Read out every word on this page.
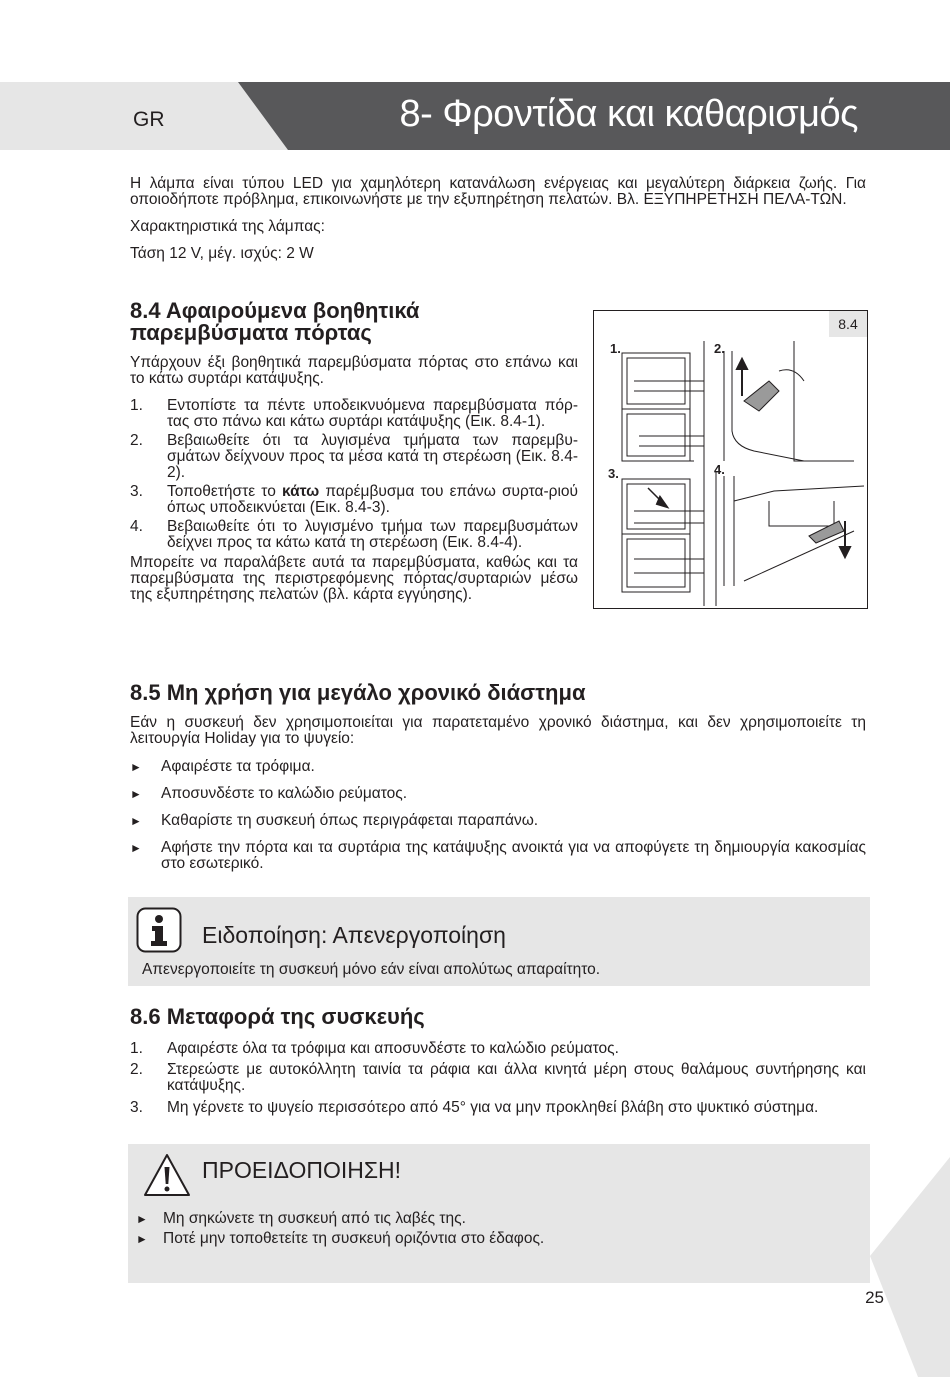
GR	8- Φροντίδα και καθαρισμός

Η λάμπα είναι τύπου LED για χαμηλότερη κατανάλωση ενέργειας και μεγαλύτερη διάρκεια ζωής. Για οποιοδήποτε πρόβλημα, επικοινωνήστε με την εξυπηρέτηση πελατών. Βλ. ΕΞΥΠΗΡΕΤΗΣΗ ΠΕΛΑ-ΤΩΝ.

Χαρακτηριστικά της λάμπας:

Τάση 12 V, μέγ. ισχύς: 2 W

8.4 Αφαιρούμενα βοηθητικά παρεμβύσματα πόρτας

Υπάρχουν έξι βοηθητικά παρεμβύσματα πόρτας στο επάνω και το κάτω συρτάρι κατάψυξης.

1. Εντοπίστε τα πέντε υποδεικνυόμενα παρεμβύσματα πόρ-τας στο πάνω και κάτω συρτάρι κατάψυξης (Εικ. 8.4-1).
2. Βεβαιωθείτε ότι τα λυγισμένα τμήματα των παρεμβυ-σμάτων δείχνουν προς τα μέσα κατά τη στερέωση (Εικ. 8.4-2).
3. Τοποθετήστε το κάτω παρέμβυσμα του επάνω συρτα-ριού όπως υποδεικνύεται (Εικ. 8.4-3).
4. Βεβαιωθείτε ότι το λυγισμένο τμήμα των παρεμβυσμάτων δείχνει προς τα κάτω κατά τη στερέωση (Εικ. 8.4-4).

Μπορείτε να παραλάβετε αυτά τα παρεμβύσματα, καθώς και τα παρεμβύσματα της περιστρεφόμενης πόρτας/συρταριών μέσω της εξυπηρέτησης πελατών (βλ. κάρτα εγγύησης).

8.4
1.	2.
3.	4.
8.5 Μη χρήση για μεγάλο χρονικό διάστημα

Εάν η συσκευή δεν χρησιμοποιείται για παρατεταμένο χρονικό διάστημα, και δεν χρησιμοποιείτε τη λειτουργία Holiday για το ψυγείο:

► Αφαιρέστε τα τρόφιμα.
► Αποσυνδέστε το καλώδιο ρεύματος.
► Καθαρίστε τη συσκευή όπως περιγράφεται παραπάνω.
► Αφήστε την πόρτα και τα συρτάρια της κατάψυξης ανοικτά για να αποφύγετε τη δημιουργία κακοσμίας στο εσωτερικό.
Ειδοποίηση: Απενεργοποίηση
Απενεργοποιείτε τη συσκευή μόνο εάν είναι απολύτως απαραίτητο.
8.6 Μεταφορά της συσκευής
1. Αφαιρέστε όλα τα τρόφιμα και αποσυνδέστε το καλώδιο ρεύματος.
2. Στερεώστε με αυτοκόλλητη ταινία τα ράφια και άλλα κινητά μέρη στους θαλάμους συντήρησης και κατάψυξης.
3. Μη γέρνετε το ψυγείο περισσότερο από 45° για να μην προκληθεί βλάβη στο ψυκτικό σύστημα.
ΠΡΟΕΙΔΟΠΟΙΗΣΗ!
► Μη σηκώνετε τη συσκευή από τις λαβές της.
► Ποτέ μην τοποθετείτε τη συσκευή οριζόντια στο έδαφος.
25
